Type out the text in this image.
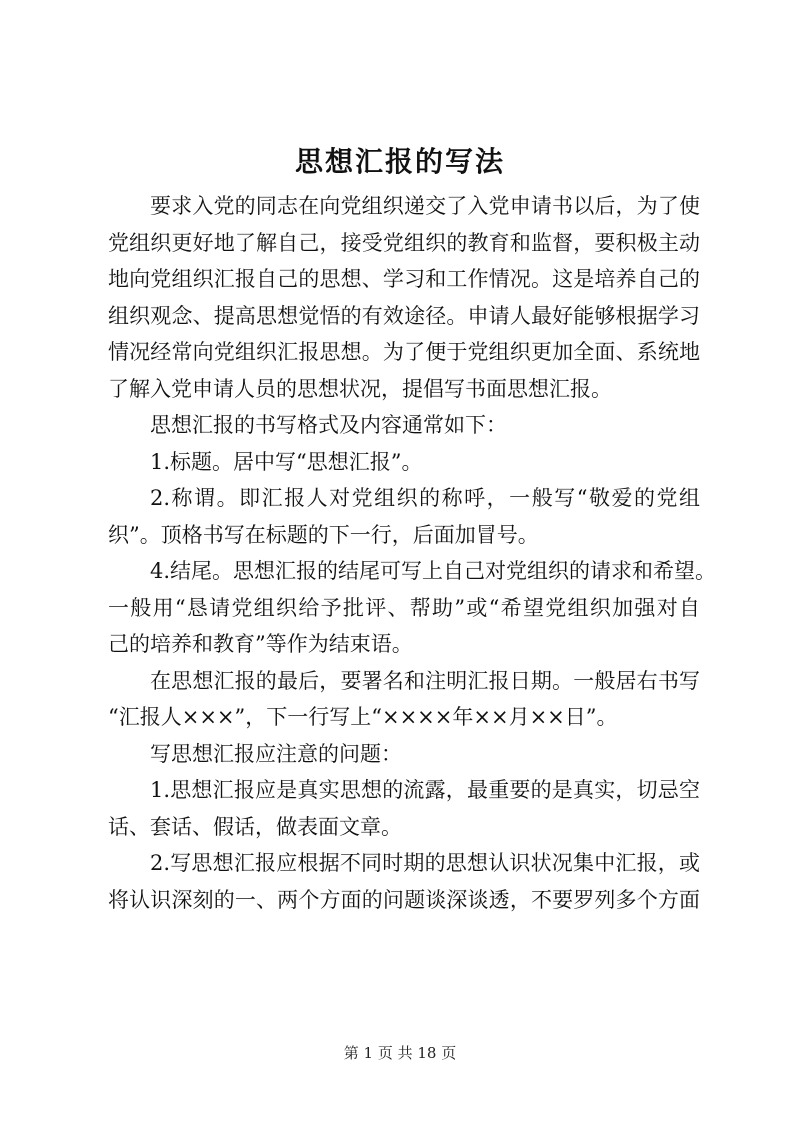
思想汇报的写法
要求入党的同志在向党组织递交了入党申请书以后，为了使
党组织更好地了解自己，接受党组织的教育和监督，要积极主动
地向党组织汇报自己的思想、学习和工作情况。这是培养自己的
组织观念、提高思想觉悟的有效途径。申请人最好能够根据学习
情况经常向党组织汇报思想。为了便于党组织更加全面、系统地
了解入党申请人员的思想状况，提倡写书面思想汇报。
思想汇报的书写格式及内容通常如下：
1.标题。居中写“思想汇报”。
2.称谓。即汇报人对党组织的称呼，一般写“敬爱的党组
织”。顶格书写在标题的下一行，后面加冒号。
4.结尾。思想汇报的结尾可写上自己对党组织的请求和希望。
一般用“恳请党组织给予批评、帮助”或“希望党组织加强对自
己的培养和教育”等作为结束语。
在思想汇报的最后，要署名和注明汇报日期。一般居右书写
“汇报人×××”，下一行写上“××××年××月××日”。
写思想汇报应注意的问题：
1.思想汇报应是真实思想的流露，最重要的是真实，切忌空
话、套话、假话，做表面文章。
2.写思想汇报应根据不同时期的思想认识状况集中汇报，或
将认识深刻的一、两个方面的问题谈深谈透，不要罗列多个方面
第 1 页 共 18 页
